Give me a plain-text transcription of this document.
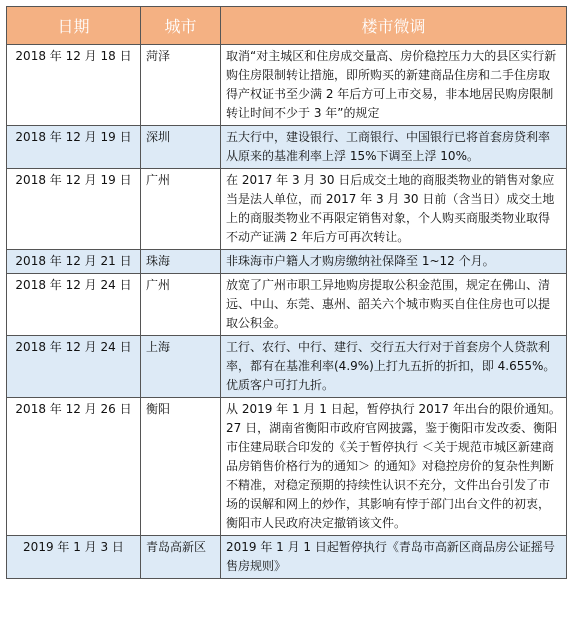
日期	城市	楼市微调
2018 年 12 月 18 日	菏泽	取消“对主城区和住房成交量高、房价稳控压力大的县区实行新购住房限制转让措施，即所购买的新建商品住房和二手住房取得产权证书至少满 2 年后方可上市交易，非本地居民购房限制转让时间不少于 3 年”的规定
2018 年 12 月 19 日	深圳	五大行中，建设银行、工商银行、中国银行已将首套房贷利率从原来的基准利率上浮 15%下调至上浮 10%。
2018 年 12 月 19 日	广州	在 2017 年 3 月 30 日后成交土地的商服类物业的销售对象应当是法人单位，而 2017 年 3 月 30 日前（含当日）成交土地上的商服类物业不再限定销售对象，个人购买商服类物业取得不动产证满 2 年后方可再次转让。
2018 年 12 月 21 日	珠海	非珠海市户籍人才购房缴纳社保降至 1~12 个月。
2018 年 12 月 24 日	广州	放宽了广州市职工异地购房提取公积金范围，规定在佛山、清远、中山、东莞、惠州、韶关六个城市购买自住住房也可以提取公积金。
2018 年 12 月 24 日	上海	工行、农行、中行、建行、交行五大行对于首套房个人贷款利率，都有在基准利率(4.9%)上打九五折的折扣，即 4.655%。优质客户可打九折。
2018 年 12 月 26 日	衡阳	从 2019 年 1 月 1 日起，暂停执行 2017 年出台的限价通知。27 日，湖南省衡阳市政府官网披露，鉴于衡阳市发改委、衡阳市住建局联合印发的《关于暂停执行 ＜关于规范市城区新建商品房销售价格行为的通知＞ 的通知》对稳控房价的复杂性判断不精准，对稳定预期的持续性认识不充分，文件出台引发了市场的误解和网上的炒作，其影响有悖于部门出台文件的初衷，衡阳市人民政府决定撤销该文件。
2019 年 1 月 3 日	青岛高新区	2019 年 1 月 1 日起暂停执行《青岛市高新区商品房公证摇号售房规则》
